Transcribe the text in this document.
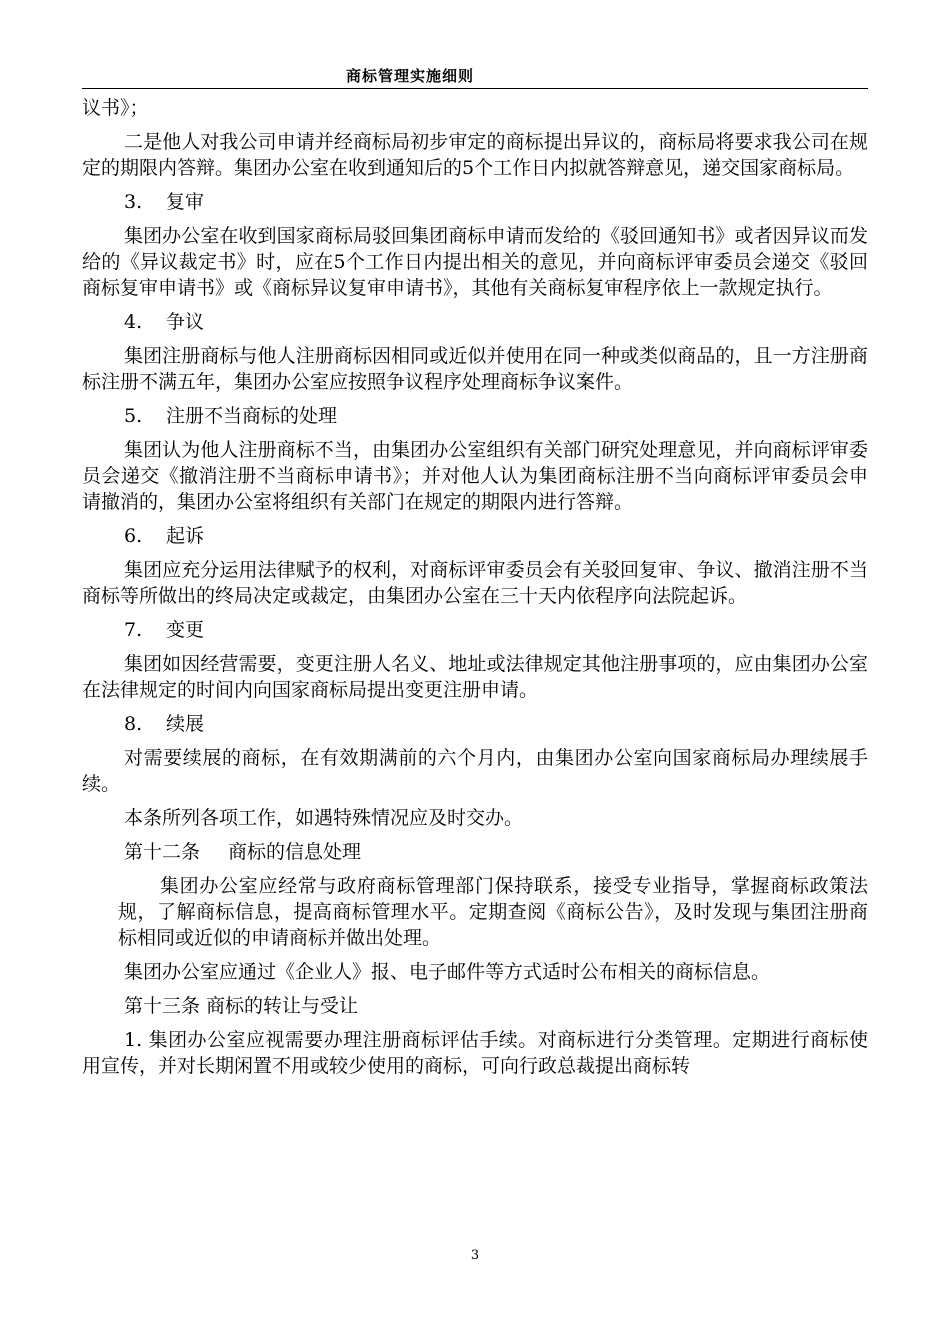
商标管理实施细则

议书》；

二是他人对我公司申请并经商标局初步审定的商标提出异议的，商标局将要求我公司在规定的期限内答辩。集团办公室在收到通知后的5个工作日内拟就答辩意见，递交国家商标局。

3. 复审

集团办公室在收到国家商标局驳回集团商标申请而发给的《驳回通知书》或者因异议而发给的《异议裁定书》时，应在5个工作日内提出相关的意见，并向商标评审委员会递交《驳回商标复审申请书》或《商标异议复审申请书》，其他有关商标复审程序依上一款规定执行。

4. 争议

集团注册商标与他人注册商标因相同或近似并使用在同一种或类似商品的，且一方注册商标注册不满五年，集团办公室应按照争议程序处理商标争议案件。

5. 注册不当商标的处理

集团认为他人注册商标不当，由集团办公室组织有关部门研究处理意见，并向商标评审委员会递交《撤消注册不当商标申请书》；并对他人认为集团商标注册不当向商标评审委员会申请撤消的，集团办公室将组织有关部门在规定的期限内进行答辩。

6. 起诉

集团应充分运用法律赋予的权利，对商标评审委员会有关驳回复审、争议、撤消注册不当商标等所做出的终局决定或裁定，由集团办公室在三十天内依程序向法院起诉。

7. 变更

集团如因经营需要，变更注册人名义、地址或法律规定其他注册事项的，应由集团办公室在法律规定的时间内向国家商标局提出变更注册申请。

8. 续展

对需要续展的商标，在有效期满前的六个月内，由集团办公室向国家商标局办理续展手续。

本条所列各项工作，如遇特殊情况应及时交办。

第十二条 商标的信息处理

集团办公室应经常与政府商标管理部门保持联系，接受专业指导，掌握商标政策法规，了解商标信息，提高商标管理水平。定期查阅《商标公告》，及时发现与集团注册商标相同或近似的申请商标并做出处理。

集团办公室应通过《企业人》报、电子邮件等方式适时公布相关的商标信息。

第十三条 商标的转让与受让

1. 集团办公室应视需要办理注册商标评估手续。对商标进行分类管理。定期进行商标使用宣传，并对长期闲置不用或较少使用的商标，可向行政总裁提出商标转

3
